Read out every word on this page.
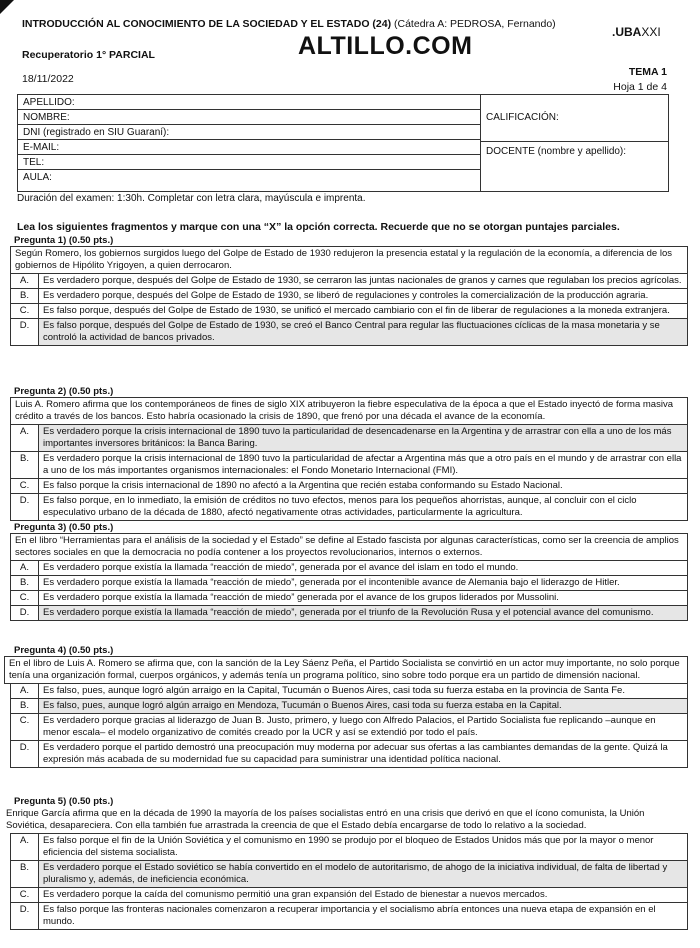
INTRODUCCIÓN AL CONOCIMIENTO DE LA SOCIEDAD Y EL ESTADO (24) (Cátedra A: PEDROSA, Fernando)
Recuperatorio 1° PARCIAL	ALTILLO.COM	.UBAXXI
18/11/2022
TEMA 1
Hoja 1 de 4
APELLIDO:
NOMBRE:
DNI (registrado en SIU Guaraní):
E-MAIL:
TEL:
AULA:
CALIFICACIÓN:
DOCENTE (nombre y apellido):
Duración del examen: 1:30h. Completar con letra clara, mayúscula e imprenta.
Lea los siguientes fragmentos y marque con una “X” la opción correcta. Recuerde que no se otorgan puntajes parciales.
Pregunta 1) (0.50 pts.)
Según Romero, los gobiernos surgidos luego del Golpe de Estado de 1930 redujeron la presencia estatal y la regulación de la economía, a diferencia de los gobiernos de Hipólito Yrigoyen, a quien derrocaron.
A.	Es verdadero porque, después del Golpe de Estado de 1930, se cerraron las juntas nacionales de granos y carnes que regulaban los precios agrícolas.
B.	Es verdadero porque, después del Golpe de Estado de 1930, se liberó de regulaciones y controles la comercialización de la producción agraria.
C.	Es falso porque, después del Golpe de Estado de 1930, se unificó el mercado cambiario con el fin de liberar de regulaciones a la moneda extranjera.
D.	Es falso porque, después del Golpe de Estado de 1930, se creó el Banco Central para regular las fluctuaciones cíclicas de la masa monetaria y se controló la actividad de bancos privados.
Pregunta 2) (0.50 pts.)
Luis A. Romero afirma que los contemporáneos de fines de siglo XIX atribuyeron la fiebre especulativa de la época a que el Estado inyectó de forma masiva crédito a través de los bancos. Esto habría ocasionado la crisis de 1890, que frenó por una década el avance de la economía.
A.	Es verdadero porque la crisis internacional de 1890 tuvo la particularidad de desencadenarse en la Argentina y de arrastrar con ella a uno de los más importantes inversores británicos: la Banca Baring.
B.	Es verdadero porque la crisis internacional de 1890 tuvo la particularidad de afectar a Argentina más que a otro país en el mundo y de arrastrar con ella a uno de los más importantes organismos internacionales: el Fondo Monetario Internacional (FMI).
C.	Es falso porque la crisis internacional de 1890 no afectó a la Argentina que recién estaba conformando su Estado Nacional.
D.	Es falso porque, en lo inmediato, la emisión de créditos no tuvo efectos, menos para los pequeños ahorristas, aunque, al concluir con el ciclo especulativo urbano de la década de 1880, afectó negativamente otras actividades, particularmente la agricultura.
Pregunta 3) (0.50 pts.)
En el libro “Herramientas para el análisis de la sociedad y el Estado” se define al Estado fascista por algunas características, como ser la creencia de amplios sectores sociales en que la democracia no podía contener a los proyectos revolucionarios, internos o externos.
A.	Es verdadero porque existía la llamada “reacción de miedo”, generada por el avance del islam en todo el mundo.
B.	Es verdadero porque existía la llamada “reacción de miedo”, generada por el incontenible avance de Alemania bajo el liderazgo de Hitler.
C.	Es verdadero porque existía la llamada “reacción de miedo” generada por el avance de los grupos liderados por Mussolini.
D.	Es verdadero porque existía la llamada “reacción de miedo”, generada por el triunfo de la Revolución Rusa y el potencial avance del comunismo.
Pregunta 4) (0.50 pts.)
En el libro de Luis A. Romero se afirma que, con la sanción de la Ley Sáenz Peña, el Partido Socialista se convirtió en un actor muy importante, no solo porque tenía una organización formal, cuerpos orgánicos, y además tenía un programa político, sino sobre todo porque era un partido de dimensión nacional.
A.	Es falso, pues, aunque logró algún arraigo en la Capital, Tucumán o Buenos Aires, casi toda su fuerza estaba en la provincia de Santa Fe.
B.	Es falso, pues, aunque logró algún arraigo en Mendoza, Tucumán o Buenos Aires, casi toda su fuerza estaba en la Capital.
C.	Es verdadero porque gracias al liderazgo de Juan B. Justo, primero, y luego con Alfredo Palacios, el Partido Socialista fue replicando –aunque en menor escala– el modelo organizativo de comités creado por la UCR y así se extendió por todo el país.
D.	Es verdadero porque el partido demostró una preocupación muy moderna por adecuar sus ofertas a las cambiantes demandas de la gente. Quizá la expresión más acabada de su modernidad fue su capacidad para suministrar una identidad política nacional.
Pregunta 5) (0.50 pts.)
Enrique García afirma que en la década de 1990 la mayoría de los países socialistas entró en una crisis que derivó en que el ícono comunista, la Unión Soviética, desapareciera. Con ella también fue arrastrada la creencia de que el Estado debía encargarse de todo lo relativo a la sociedad.
A.	Es falso porque el fin de la Unión Soviética y el comunismo en 1990 se produjo por el bloqueo de Estados Unidos más que por la mayor o menor eficiencia del sistema socialista.
B.	Es verdadero porque el Estado soviético se había convertido en el modelo de autoritarismo, de ahogo de la iniciativa individual, de falta de libertad y pluralismo y, además, de ineficiencia económica.
C.	Es verdadero porque la caída del comunismo permitió una gran expansión del Estado de bienestar a nuevos mercados.
D.	Es falso porque las fronteras nacionales comenzaron a recuperar importancia y el socialismo abría entonces una nueva etapa de expansión en el mundo.
